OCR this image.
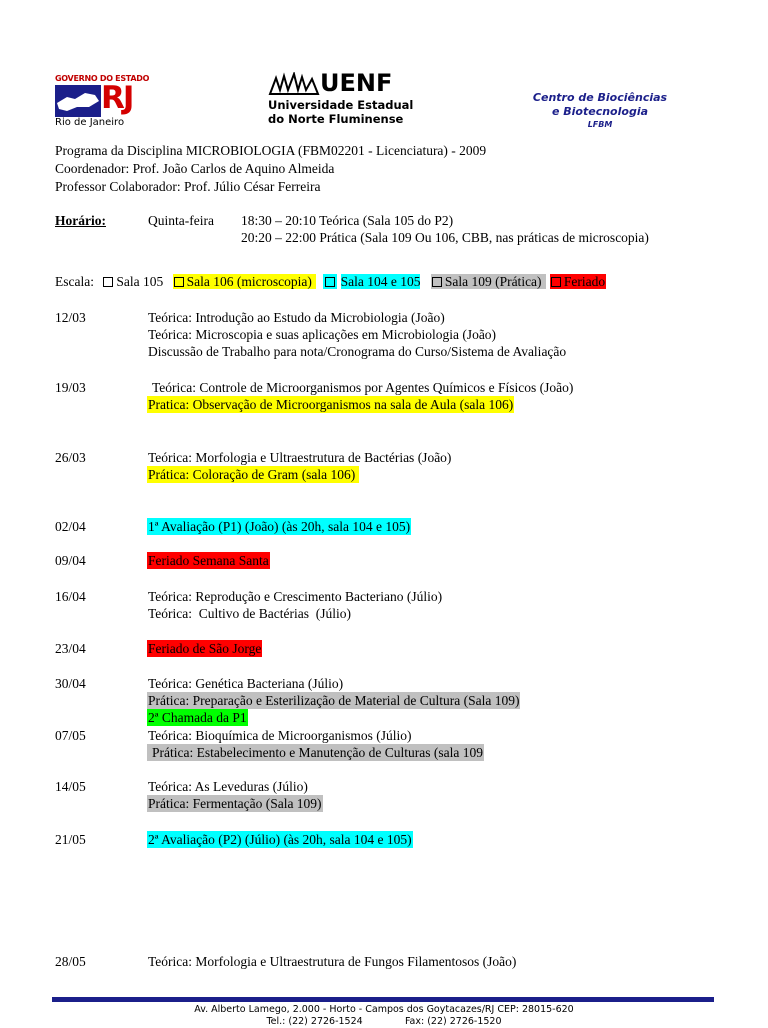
GOVERNO DO ESTADO
RJ
Rio de Janeiro
UENF
Universidade Estadual
do Norte Fluminense
Centro de Biociências
e Biotecnologia
LFBM
Programa da Disciplina MICROBIOLOGIA (FBM02201 - Licenciatura) - 2009
Coordenador: Prof. João Carlos de Aquino Almeida
Professor Colaborador: Prof. Júlio César Ferreira
Horário:	Quinta-feira 18:30 – 20:10 Teórica (Sala 105 do P2)
20:20 – 22:00 Prática (Sala 109 Ou 106, CBB, nas práticas de microscopia)
Escala: Sala 105 Sala 106 (microscopia) Sala 104 e 105 Sala 109 (Prática) Feriado
12/03	Teórica: Introdução ao Estudo da Microbiologia (João)
Teórica: Microscopia e suas aplicações em Microbiologia (João)
Discussão de Trabalho para nota/Cronograma do Curso/Sistema de Avaliação
19/03	Teórica: Controle de Microorganismos por Agentes Químicos e Físicos (João)
Pratica: Observação de Microorganismos na sala de Aula (sala 106)
26/03	Teórica: Morfologia e Ultraestrutura de Bactérias (João)
Prática: Coloração de Gram (sala 106)
02/04	1ª Avaliação (P1) (João) (às 20h, sala 104 e 105)
09/04	Feriado Semana Santa
16/04	Teórica: Reprodução e Crescimento Bacteriano (Júlio)
Teórica:  Cultivo de Bactérias  (Júlio)
23/04	Feriado de São Jorge
30/04	Teórica: Genética Bacteriana (Júlio)
Prática: Preparação e Esterilização de Material de Cultura (Sala 109)
2ª Chamada da P1
07/05	Teórica: Bioquímica de Microorganismos (Júlio)
Prática: Estabelecimento e Manutenção de Culturas (sala 109
14/05	Teórica: As Leveduras (Júlio)
Prática: Fermentação (Sala 109)
21/05	2ª Avaliação (P2) (Júlio) (às 20h, sala 104 e 105)
28/05	Teórica: Morfologia e Ultraestrutura de Fungos Filamentosos (João)
Av. Alberto Lamego, 2.000 - Horto - Campos dos Goytacazes/RJ CEP: 28015-620
Tel.: (22) 2726-1524              Fax: (22) 2726-1520
